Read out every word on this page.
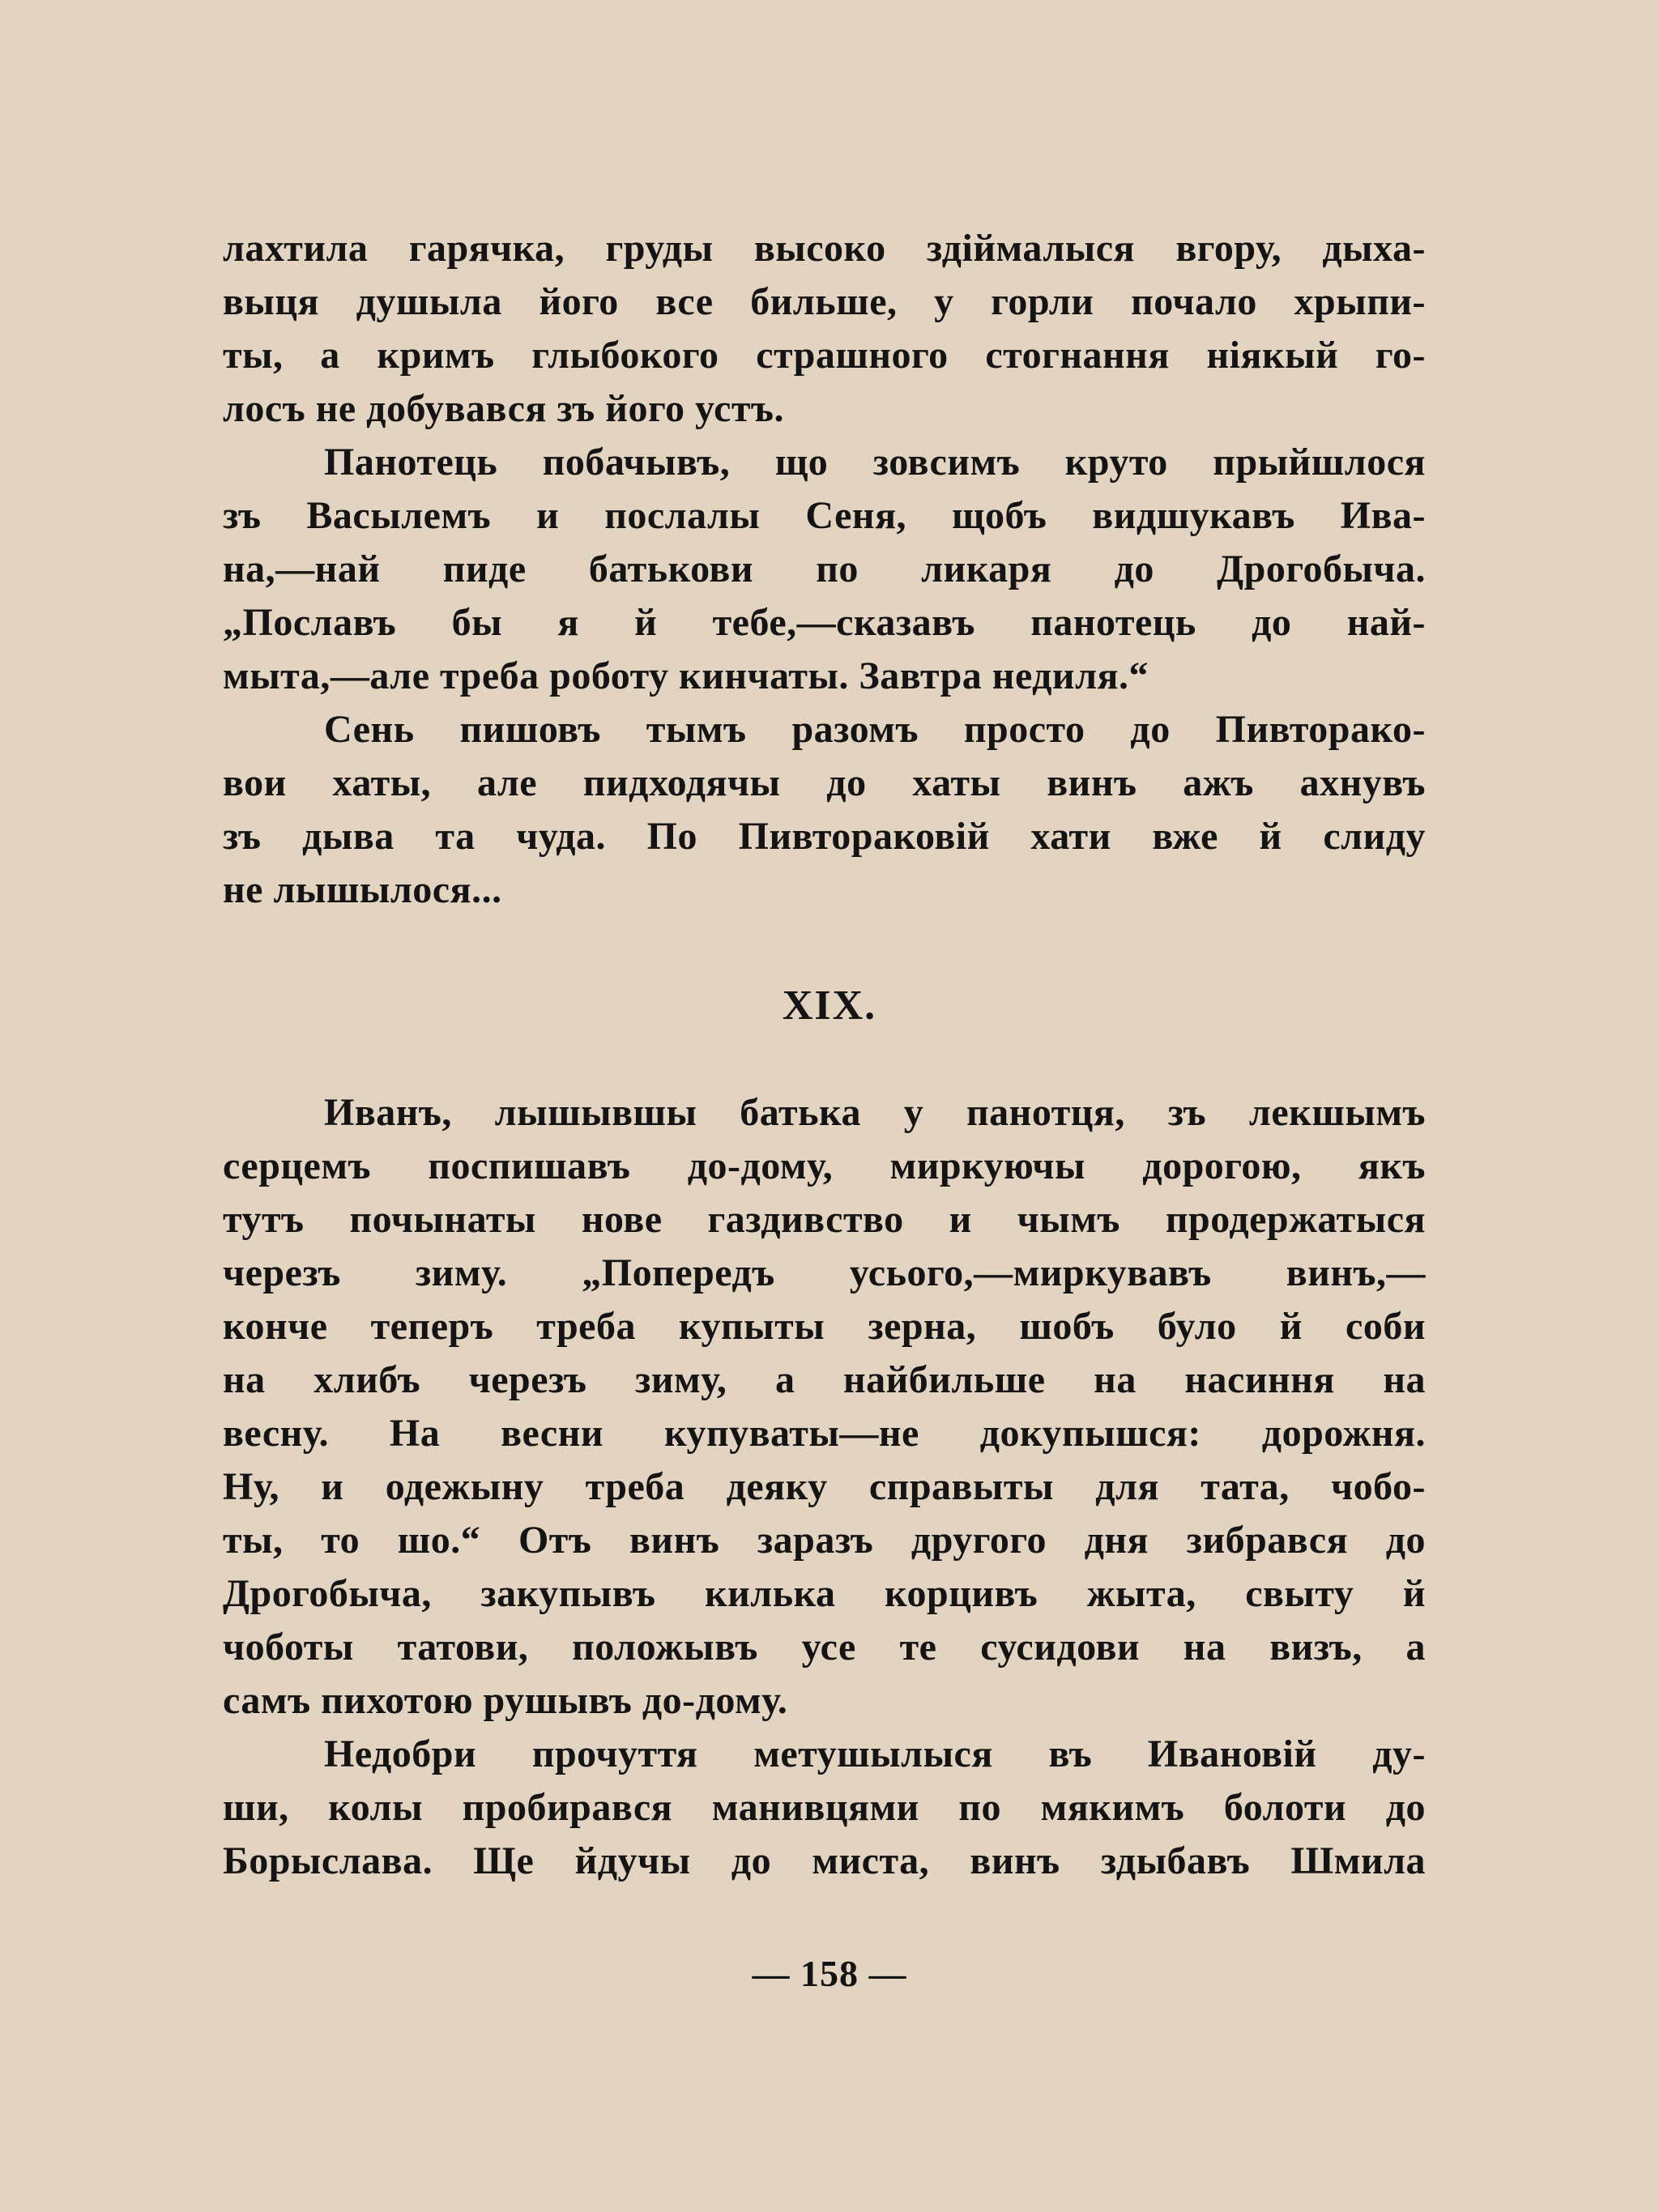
лахтила гарячка, груды высоко здіймалыся вгору, дыха-
выця душыла його все бильше, у горли почало хрыпи-
ты, а кримъ глыбокого страшного стогнання ніякый го-
лосъ не добувався зъ його устъ.
Панотець побачывъ, що зовсимъ круто прыйшлося
зъ Васылемъ и послалы Сеня, щобъ видшукавъ Ива-
на,—най пиде батькови по ликаря до Дрогобыча.
„Пославъ бы я й тебе,—сказавъ панотець до най-
мыта,—але треба роботу кинчаты. Завтра недиля.“
Сень пишовъ тымъ разомъ просто до Пивторако-
вои хаты, але пидходячы до хаты винъ ажъ ахнувъ
зъ дыва та чуда. По Пивтораковій хати вже й слиду
не лышылося...
XIX.
Иванъ, лышывшы батька у панотця, зъ лекшымъ
серцемъ поспишавъ до-дому, миркуючы дорогою, якъ
тутъ почынаты нове газдивство и чымъ продержатыся
черезъ зиму. „Попередъ усього,—миркувавъ винъ,—
конче теперъ треба купыты зерна, шобъ було й соби
на хлибъ черезъ зиму, а найбильше на насиння на
весну. На весни купуваты—не докупышся: дорожня.
Ну, и одежыну треба деяку справыты для тата, чобо-
ты, то шо.“ Отъ винъ заразъ другого дня зибрався до
Дрогобыча, закупывъ килька корцивъ жыта, свыту й
чоботы татови, положывъ усе те сусидови на визъ, а
самъ пихотою рушывъ до-дому.
Недобри прочуття метушылыся въ Ивановій ду-
ши, колы пробирався манивцями по мякимъ болоти до
Борыслава. Ще йдучы до миста, винъ здыбавъ Шмила
— 158 —
